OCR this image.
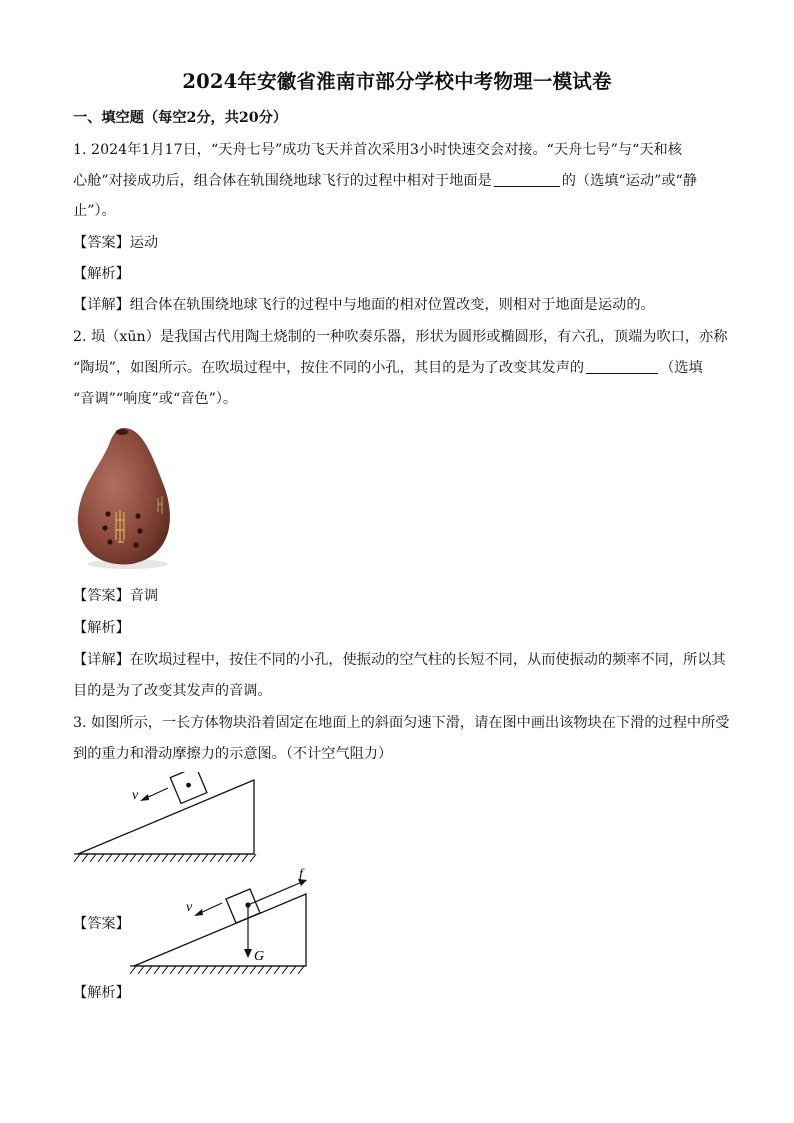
2024年安徽省淮南市部分学校中考物理一模试卷
一、填空题（每空2分，共20分）
1. 2024年1月17日，“天舟七号”成功飞天并首次采用3小时快速交会对接。“天舟七号”与“天和核
心舱”对接成功后，组合体在轨围绕地球飞行的过程中相对于地面是	的（选填“运动”或“静
止”）。
【答案】运动
【解析】
【详解】组合体在轨围绕地球飞行的过程中与地面的相对位置改变，则相对于地面是运动的。
2. 埙（xūn）是我国古代用陶土烧制的一种吹奏乐器，形状为圆形或椭圆形，有六孔，顶端为吹口，亦称
“陶埙”，如图所示。在吹埙过程中，按住不同的小孔，其目的是为了改变其发声的	（选填
“音调”“响度”或“音色”）。
【答案】音调
【解析】
【详解】在吹埙过程中，按住不同的小孔，使振动的空气柱的长短不同，从而使振动的频率不同，所以其
目的是为了改变其发声的音调。
3. 如图所示，一长方体物块沿着固定在地面上的斜面匀速下滑，请在图中画出该物块在下滑的过程中所受
到的重力和滑动摩擦力的示意图。（不计空气阻力）
v
【答案】
G
f
v
【解析】
